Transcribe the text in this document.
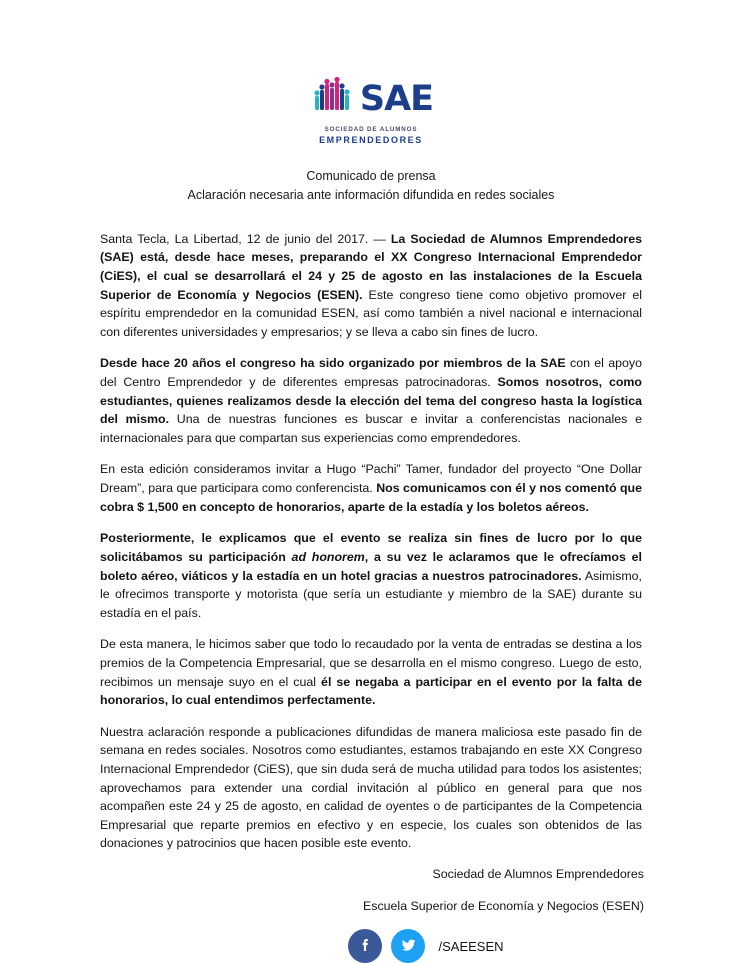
SAE
SOCIEDAD DE ALUMNOS
EMPRENDEDORES
Comunicado de prensa
Aclaración necesaria ante información difundida en redes sociales

Santa Tecla, La Libertad, 12 de junio del 2017. — La Sociedad de Alumnos Emprendedores (SAE) está, desde hace meses, preparando el XX Congreso Internacional Emprendedor (CiES), el cual se desarrollará el 24 y 25 de agosto en las instalaciones de la Escuela Superior de Economía y Negocios (ESEN). Este congreso tiene como objetivo promover el espíritu emprendedor en la comunidad ESEN, así como también a nivel nacional e internacional con diferentes universidades y empresarios; y se lleva a cabo sin fines de lucro.

Desde hace 20 años el congreso ha sido organizado por miembros de la SAE con el apoyo del Centro Emprendedor y de diferentes empresas patrocinadoras. Somos nosotros, como estudiantes, quienes realizamos desde la elección del tema del congreso hasta la logística del mismo. Una de nuestras funciones es buscar e invitar a conferencistas nacionales e internacionales para que compartan sus experiencias como emprendedores.

En esta edición consideramos invitar a Hugo “Pachi” Tamer, fundador del proyecto “One Dollar Dream”, para que participara como conferencista. Nos comunicamos con él y nos comentó que cobra $ 1,500 en concepto de honorarios, aparte de la estadía y los boletos aéreos.

Posteriormente, le explicamos que el evento se realiza sin fines de lucro por lo que solicitábamos su participación ad honorem, a su vez le aclaramos que le ofrecíamos el boleto aéreo, viáticos y la estadía en un hotel gracias a nuestros patrocinadores. Asimismo, le ofrecimos transporte y motorista (que sería un estudiante y miembro de la SAE) durante su estadía en el país.

De esta manera, le hicimos saber que todo lo recaudado por la venta de entradas se destina a los premios de la Competencia Empresarial, que se desarrolla en el mismo congreso. Luego de esto, recibimos un mensaje suyo en el cual él se negaba a participar en el evento por la falta de honorarios, lo cual entendimos perfectamente.

Nuestra aclaración responde a publicaciones difundidas de manera maliciosa este pasado fin de semana en redes sociales. Nosotros como estudiantes, estamos trabajando en este XX Congreso Internacional Emprendedor (CiES), que sin duda será de mucha utilidad para todos los asistentes; aprovechamos para extender una cordial invitación al público en general para que nos acompañen este 24 y 25 de agosto, en calidad de oyentes o de participantes de la Competencia Empresarial que reparte premios en efectivo y en especie, los cuales son obtenidos de las donaciones y patrocinios que hacen posible este evento.

Sociedad de Alumnos Emprendedores
Escuela Superior de Economía y Negocios (ESEN)
/SAEESEN
